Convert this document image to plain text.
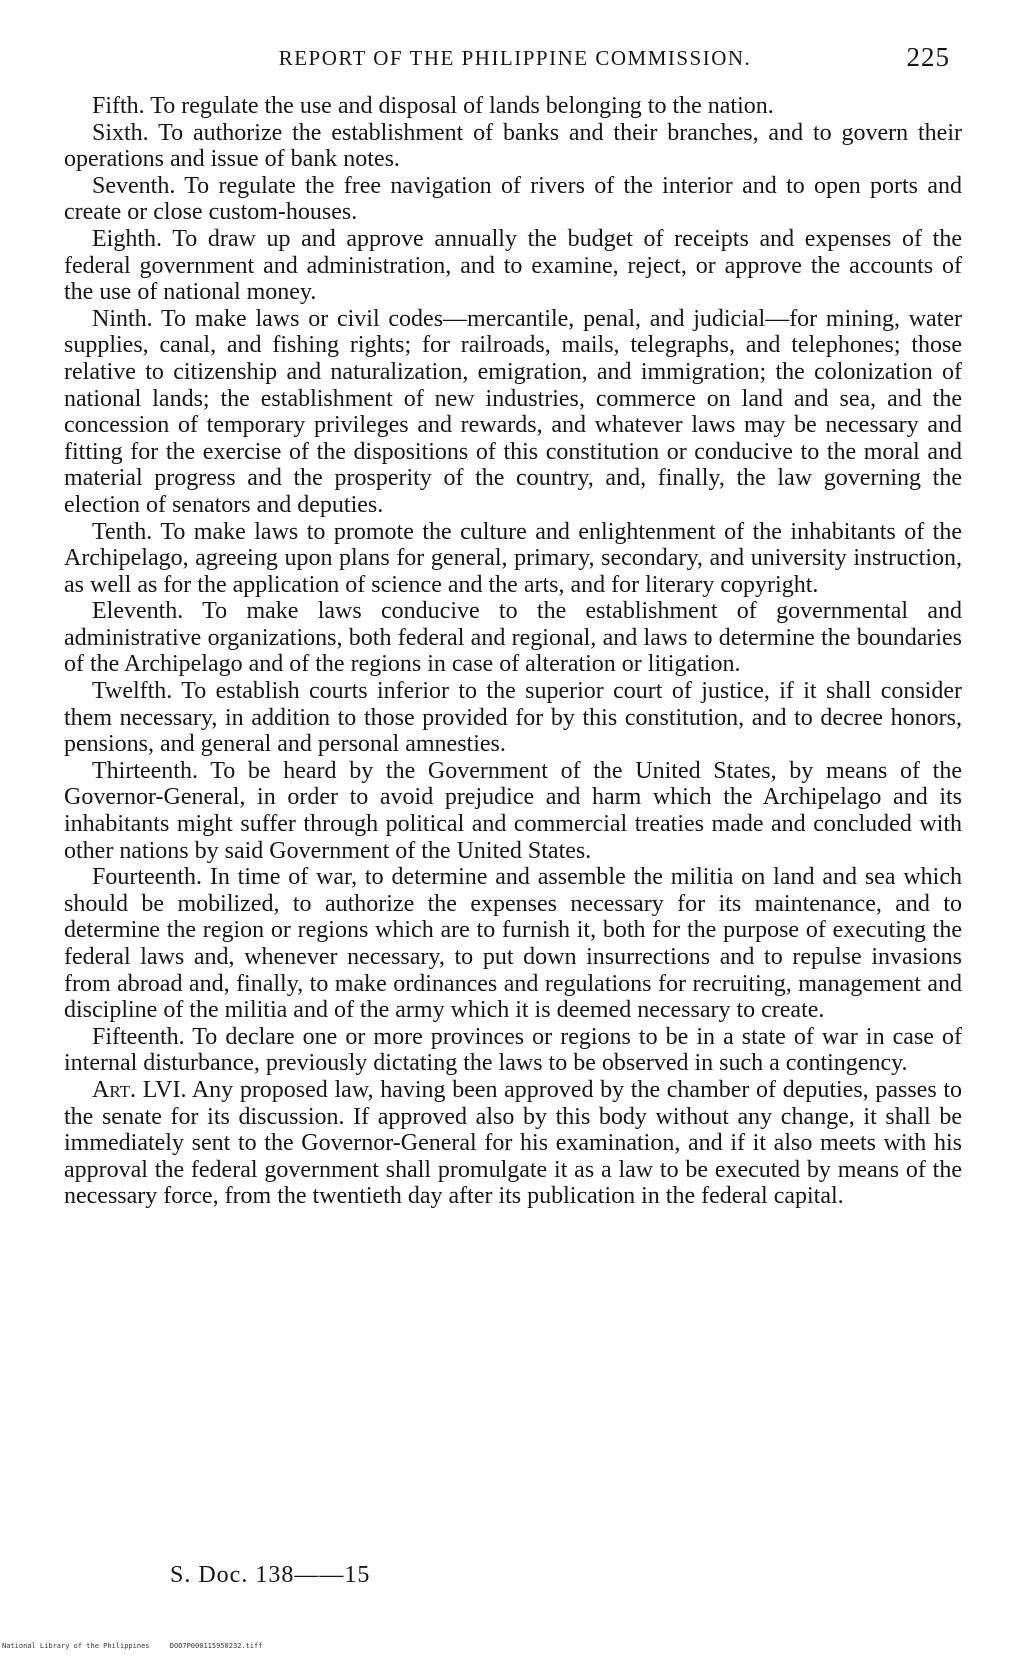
REPORT OF THE PHILIPPINE COMMISSION.	225

Fifth. To regulate the use and disposal of lands belonging to the nation.

Sixth. To authorize the establishment of banks and their branches, and to govern their operations and issue of bank notes.

Seventh. To regulate the free navigation of rivers of the interior and to open ports and create or close custom-houses.

Eighth. To draw up and approve annually the budget of receipts and expenses of the federal government and administration, and to examine, reject, or approve the accounts of the use of national money.

Ninth. To make laws or civil codes—mercantile, penal, and judicial—for mining, water supplies, canal, and fishing rights; for railroads, mails, telegraphs, and telephones; those relative to citizenship and naturalization, emigration, and immigration; the colonization of national lands; the establishment of new industries, commerce on land and sea, and the concession of temporary privileges and rewards, and whatever laws may be necessary and fitting for the exercise of the dispositions of this constitution or conducive to the moral and material progress and the prosperity of the country, and, finally, the law governing the election of senators and deputies.

Tenth. To make laws to promote the culture and enlightenment of the inhabitants of the Archipelago, agreeing upon plans for general, primary, secondary, and university instruction, as well as for the application of science and the arts, and for literary copyright.

Eleventh. To make laws conducive to the establishment of governmental and administrative organizations, both federal and regional, and laws to determine the boundaries of the Archipelago and of the regions in case of alteration or litigation.

Twelfth. To establish courts inferior to the superior court of justice, if it shall consider them necessary, in addition to those provided for by this constitution, and to decree honors, pensions, and general and personal amnesties.

Thirteenth. To be heard by the Government of the United States, by means of the Governor-General, in order to avoid prejudice and harm which the Archipelago and its inhabitants might suffer through political and commercial treaties made and concluded with other nations by said Government of the United States.

Fourteenth. In time of war, to determine and assemble the militia on land and sea which should be mobilized, to authorize the expenses necessary for its maintenance, and to determine the region or regions which are to furnish it, both for the purpose of executing the federal laws and, whenever necessary, to put down insurrections and to repulse invasions from abroad and, finally, to make ordinances and regulations for recruiting, management and discipline of the militia and of the army which it is deemed necessary to create.

Fifteenth. To declare one or more provinces or regions to be in a state of war in case of internal disturbance, previously dictating the laws to be observed in such a contingency.

Art. LVI. Any proposed law, having been approved by the chamber of deputies, passes to the senate for its discussion. If approved also by this body without any change, it shall be immediately sent to the Governor-General for his examination, and if it also meets with his approval the federal government shall promulgate it as a law to be executed by means of the necessary force, from the twentieth day after its publication in the federal capital.

S. Doc. 138——15
National Library of the Philippines	DOO7P000115950232.tiff
